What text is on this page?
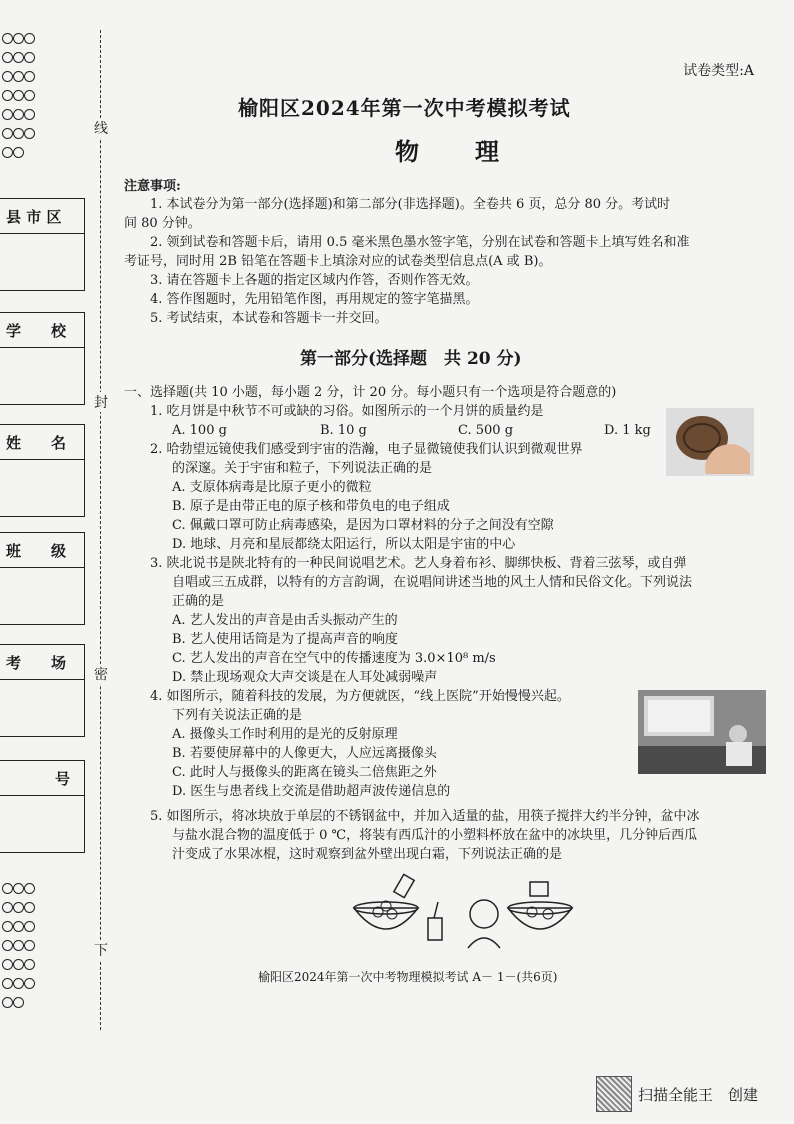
线
封
密
下
县 市 区
学　　校
姓　　名
班　　级
考　　场
号
试卷类型:A
榆阳区2024年第一次中考模拟考试
物　理
注意事项:
1. 本试卷分为第一部分(选择题)和第二部分(非选择题)。全卷共 6 页，总分 80 分。考试时
间 80 分钟。
2. 领到试卷和答题卡后，请用 0.5 毫米黑色墨水签字笔，分别在试卷和答题卡上填写姓名和准
考证号，同时用 2B 铅笔在答题卡上填涂对应的试卷类型信息点(A 或 B)。
3. 请在答题卡上各题的指定区域内作答，否则作答无效。
4. 答作图题时，先用铅笔作图，再用规定的签字笔描黑。
5. 考试结束，本试卷和答题卡一并交回。
第一部分(选择题　共 20 分)
一、选择题(共 10 小题，每小题 2 分，计 20 分。每小题只有一个选项是符合题意的)
1. 吃月饼是中秋节不可或缺的习俗。如图所示的一个月饼的质量约是
A. 100 g	B. 10 g	C. 500 g	D. 1 kg
2. 哈勃望远镜使我们感受到宇宙的浩瀚，电子显微镜使我们认识到微观世界
的深邃。关于宇宙和粒子，下列说法正确的是
A. 支原体病毒是比原子更小的微粒
B. 原子是由带正电的原子核和带负电的电子组成
C. 佩戴口罩可防止病毒感染，是因为口罩材料的分子之间没有空隙
D. 地球、月亮和星辰都绕太阳运行，所以太阳是宇宙的中心
3. 陕北说书是陕北特有的一种民间说唱艺术。艺人身着布衫、脚绑快板、背着三弦琴，或自弹
自唱或三五成群，以特有的方言韵调，在说唱间讲述当地的风土人情和民俗文化。下列说法
正确的是
A. 艺人发出的声音是由舌头振动产生的
B. 艺人使用话筒是为了提高声音的响度
C. 艺人发出的声音在空气中的传播速度为 3.0×10⁸ m/s
D. 禁止现场观众大声交谈是在人耳处减弱噪声
4. 如图所示，随着科技的发展，为方便就医，“线上医院”开始慢慢兴起。
下列有关说法正确的是
A. 摄像头工作时利用的是光的反射原理
B. 若要使屏幕中的人像更大，人应远离摄像头
C. 此时人与摄像头的距离在镜头二倍焦距之外
D. 医生与患者线上交流是借助超声波传递信息的
5. 如图所示，将冰块放于单层的不锈钢盆中，并加入适量的盐，用筷子搅拌大约半分钟，盆中冰
与盐水混合物的温度低于 0 ℃，将装有西瓜汁的小塑料杯放在盆中的冰块里，几分钟后西瓜
汁变成了水果冰棍，这时观察到盆外壁出现白霜，下列说法正确的是
榆阳区2024年第一次中考物理模拟考试 A－ 1－(共6页)
扫描全能王　创建
